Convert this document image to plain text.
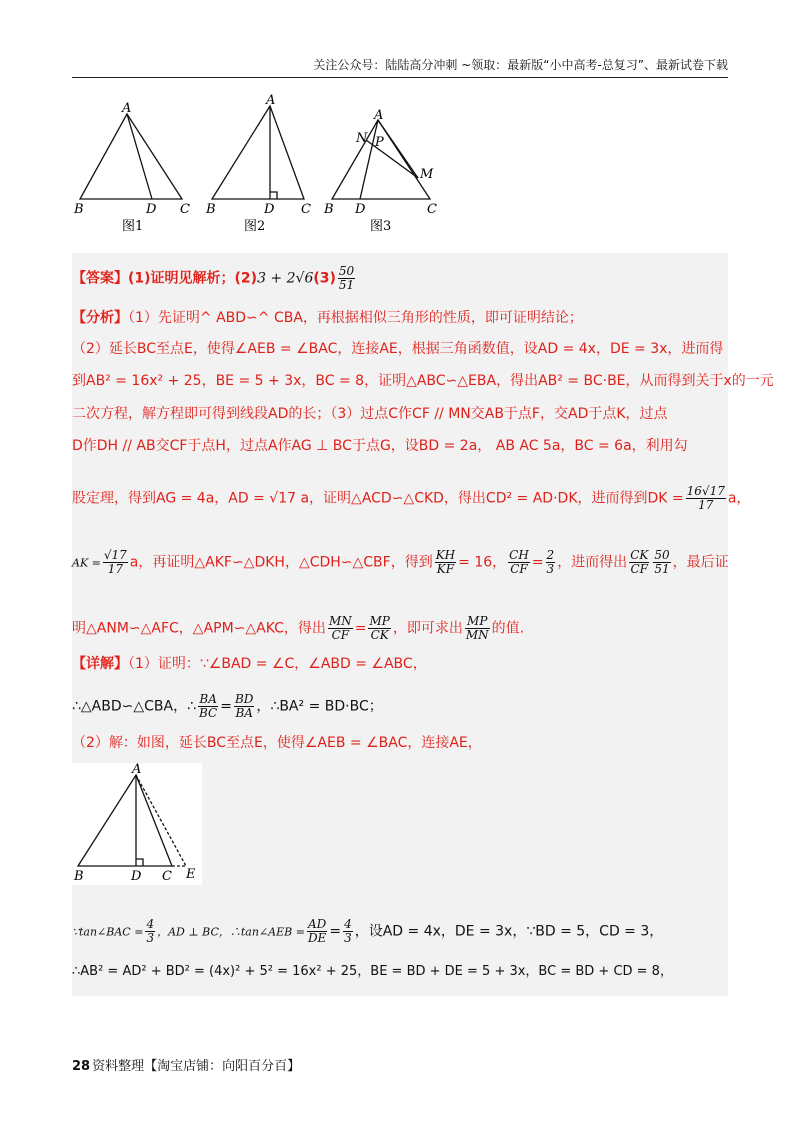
关注公众号：陆陆高分冲刺 ~领取：最新版“小中高考-总复习”、最新试卷下载
A
B	D C
图1
A
B	D C
图2
A
N P
M
B D	C
图3
【答案】(1)证明见解析；$(2)3 + 2√6(3) \frac{50}{51}$
【分析】（1）先证明^ ABD∽^ CBA，再根据相似三角形的性质，即可证明结论；
（2）延长BC至点E，使得∠AEB = ∠BAC，连接AE，根据三角函数值，设AD = 4x，DE = 3x，进而得
到AB² = 16x² + 25，BE = 5 + 3x，BC = 8，证明△ABC∽△EBA，得出AB² = BC·BE，从而得到关于x的一元
二次方程，解方程即可得到线段AD的长；（3）过点C作CF // MN交AB于点F，交AD于点K，过点
D作DH // AB交CF于点H，过点A作AG ⊥ BC于点G，设BD = 2a， AB AC 5a，BC = 6a，利用勾
股定理，得到AG = 4a，AD = √17 a，证明△ACD∽△CKD，得出CD² = AD·DK，进而得到DK = $\frac{16√17}{17}$ a，
AK = $\frac{√17}{17}$ a，再证明△AKF∽△DKH，△CDH∽△CBF，得到 $\frac{KH}{KF} = 16$， $\frac{CH}{CF} = \frac{2}{3}$ ，进而得出 $\frac{CK}{CF} \frac{50}{51}$ ，最后证
明△ANM∽△AFC，△APM∽△AKC，得出 $\frac{MN}{CF} = \frac{MP}{CK}$ ，即可求出 $\frac{MP}{MN}$ 的值.
【详解】（1）证明：∵∠BAD = ∠C，∠ABD = ∠ABC，
∴△ABD∽△CBA，∴ $\frac{BA}{BC} = \frac{BD}{BA}$ ，∴BA² = BD·BC；
（2）解：如图，延长BC至点E，使得∠AEB = ∠BAC，连接AE，
A
B	D C E
∵tan∠BAC = $\frac{4}{3}$ ，AD ⊥ BC，∴tan∠AEB = $\frac{AD}{DE} = \frac{4}{3}$ ，设AD = 4x，DE = 3x，∵BD = 5，CD = 3，
∴AB² = AD² + BD² = (4x)² + 5² = 16x² + 25，BE = BD + DE = 5 + 3x，BC = BD + CD = 8，
28 资料整理【淘宝店铺：向阳百分百】
